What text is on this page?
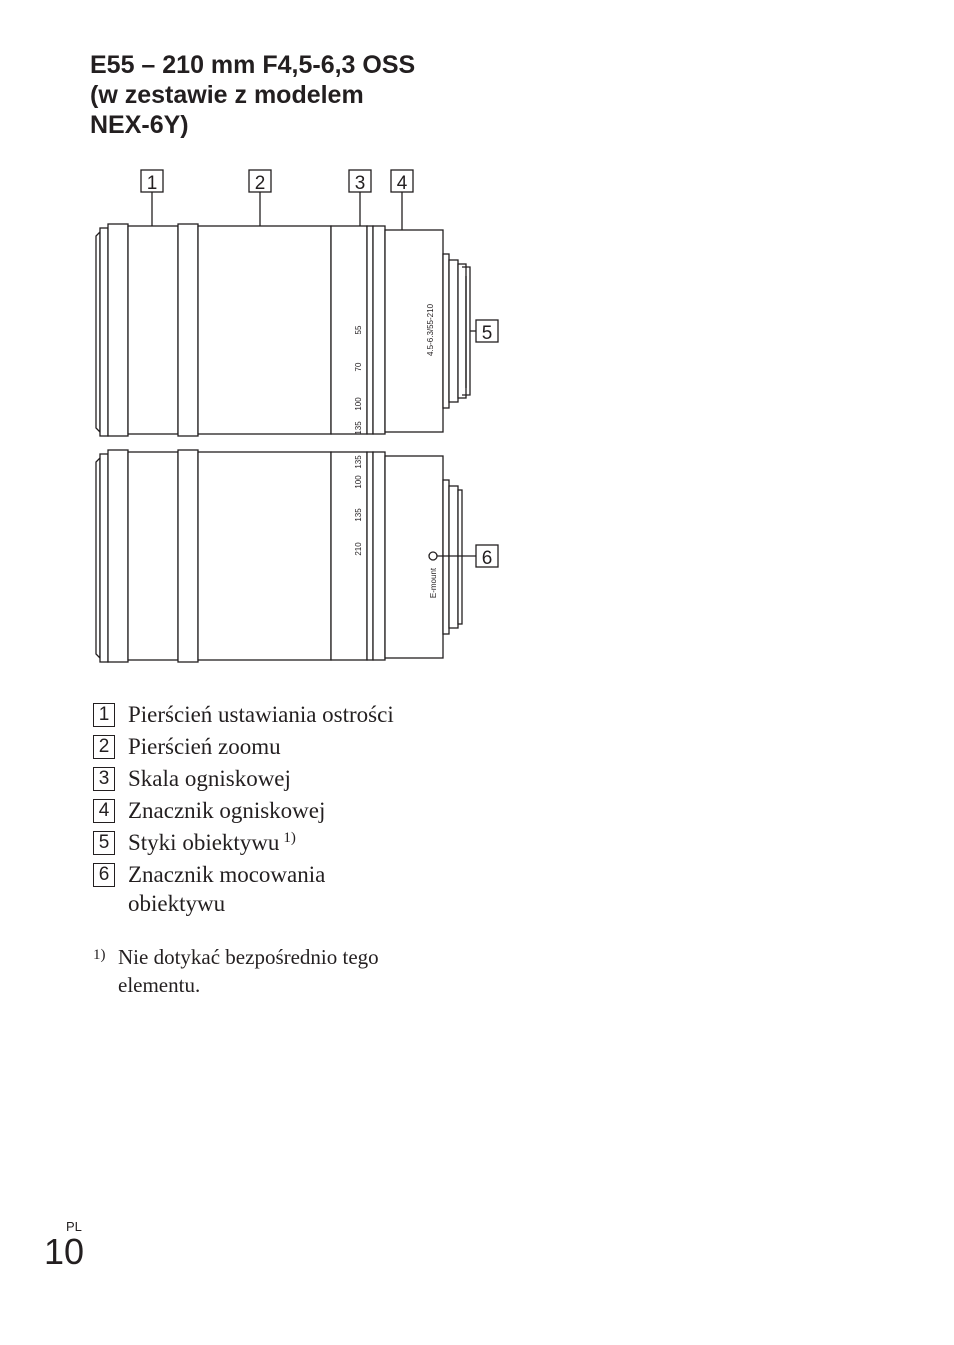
E55 – 210 mm F4,5-6,3 OSS
(w zestawie z modelem
NEX-6Y)
1	2	3 4
55
70
100
135
4.5-6.3/55-210 5
135
100
135
210
E-mount
6
1 Pierścień ustawiania ostrości
2 Pierścień zoomu
3 Skala ogniskowej
4 Znacznik ogniskowej
5 Styki obiektywu $^{1)}$
6 Znacznik mocowania
obiektywu
1) Nie dotykać bezpośrednio tego elementu.
PL
10
